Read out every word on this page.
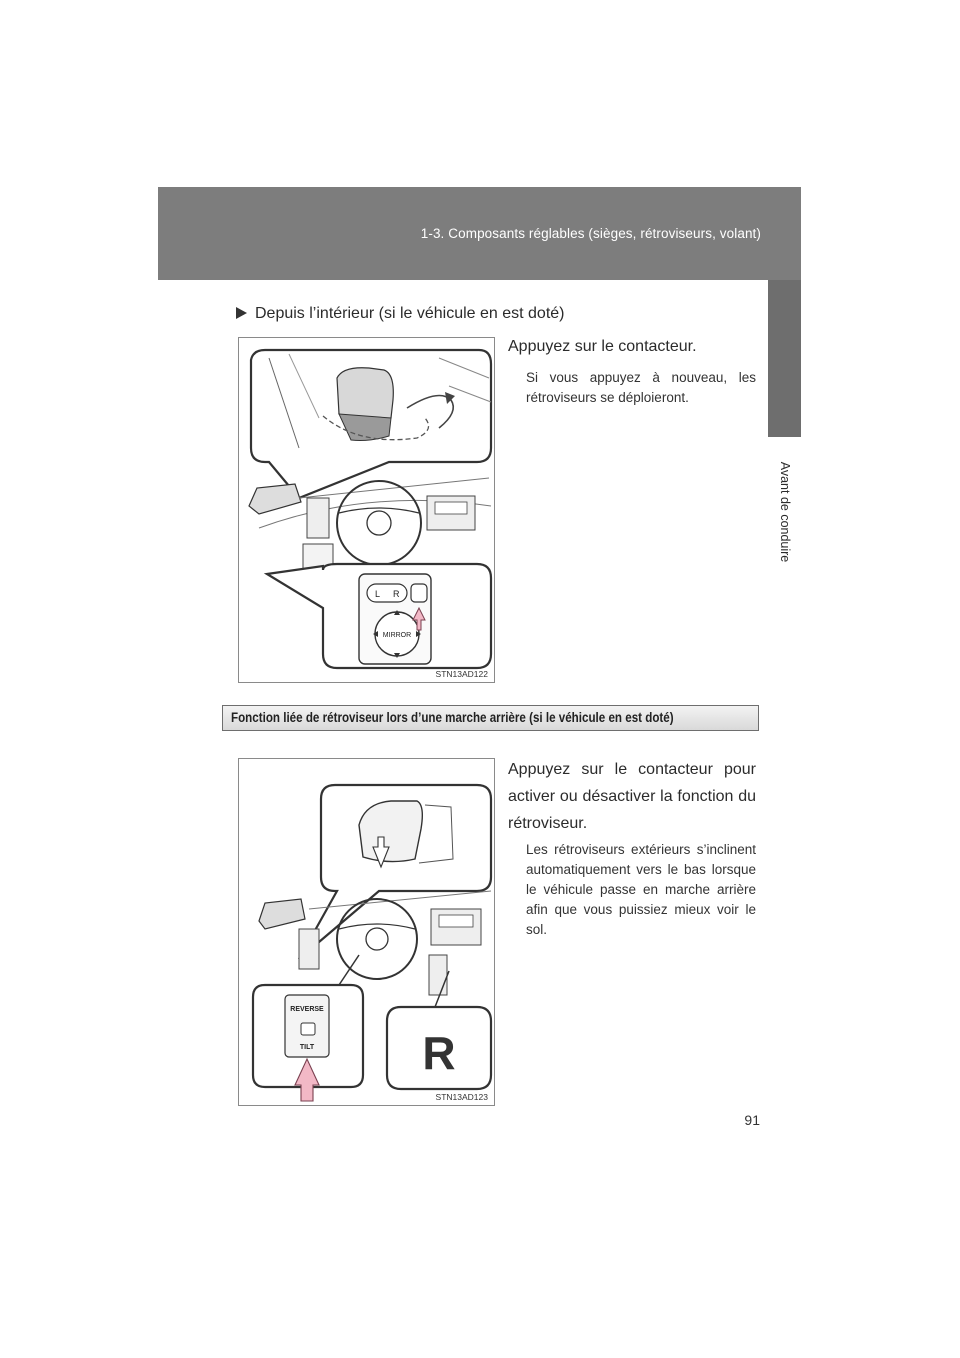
1-3. Composants réglables (sièges, rétroviseurs, volant)
1
Avant de conduire
Depuis l’intérieur (si le véhicule en est doté)
L R
MIRROR
STN13AD122
Appuyez sur le contacteur.
Si vous appuyez à nouveau, les rétroviseurs se déploieront.
Fonction liée de rétroviseur lors d’une marche arrière (si le véhicule en est doté)
REVERSE
TILT R
STN13AD123
Appuyez sur le contacteur pour activer ou désactiver la fonction du rétroviseur.
Les rétroviseurs extérieurs s’inclinent automatiquement vers le bas lorsque le véhicule passe en marche arrière afin que vous puissiez mieux voir le sol.
91
